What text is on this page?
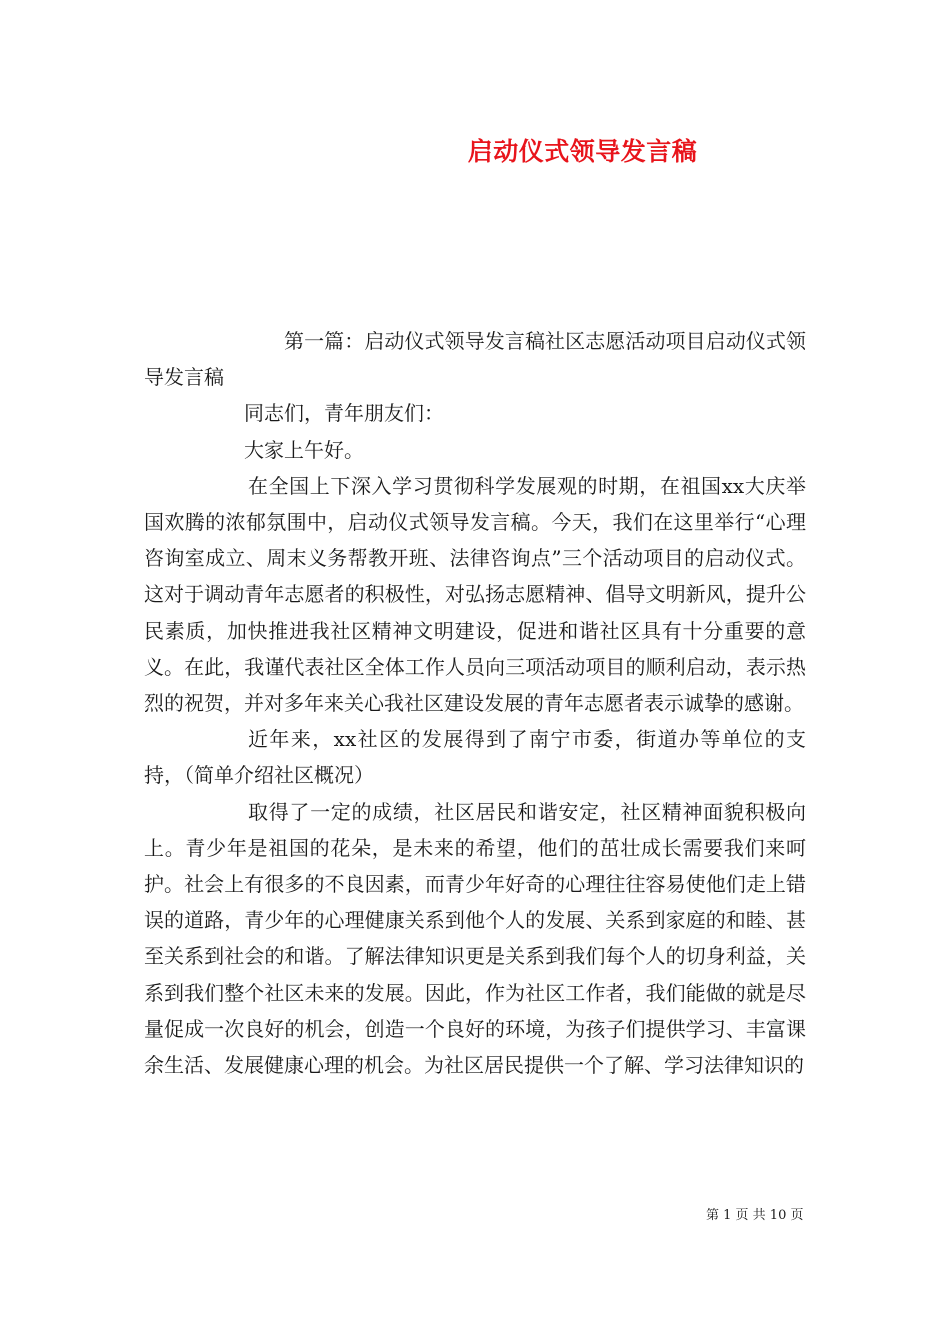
启动仪式领导发言稿

第一篇：启动仪式领导发言稿社区志愿活动项目启动仪式领导发言稿

同志们，青年朋友们：

大家上午好。

在全国上下深入学习贯彻科学发展观的时期，在祖国xx大庆举国欢腾的浓郁氛围中，启动仪式领导发言稿。今天，我们在这里举行“心理咨询室成立、周末义务帮教开班、法律咨询点”三个活动项目的启动仪式。这对于调动青年志愿者的积极性，对弘扬志愿精神、倡导文明新风，提升公民素质，加快推进我社区精神文明建设，促进和谐社区具有十分重要的意义。在此，我谨代表社区全体工作人员向三项活动项目的顺利启动，表示热烈的祝贺，并对多年来关心我社区建设发展的青年志愿者表示诚挚的感谢。

近年来，xx社区的发展得到了南宁市委，街道办等单位的支持，（简单介绍社区概况）

取得了一定的成绩，社区居民和谐安定，社区精神面貌积极向上。青少年是祖国的花朵，是未来的希望，他们的茁壮成长需要我们来呵护。社会上有很多的不良因素，而青少年好奇的心理往往容易使他们走上错误的道路，青少年的心理健康关系到他个人的发展、关系到家庭的和睦、甚至关系到社会的和谐。了解法律知识更是关系到我们每个人的切身利益，关系到我们整个社区未来的发展。因此，作为社区工作者，我们能做的就是尽量促成一次良好的机会，创造一个良好的环境，为孩子们提供学习、丰富课余生活、发展健康心理的机会。为社区居民提供一个了解、学习法律知识的

第 1 页 共 10 页
